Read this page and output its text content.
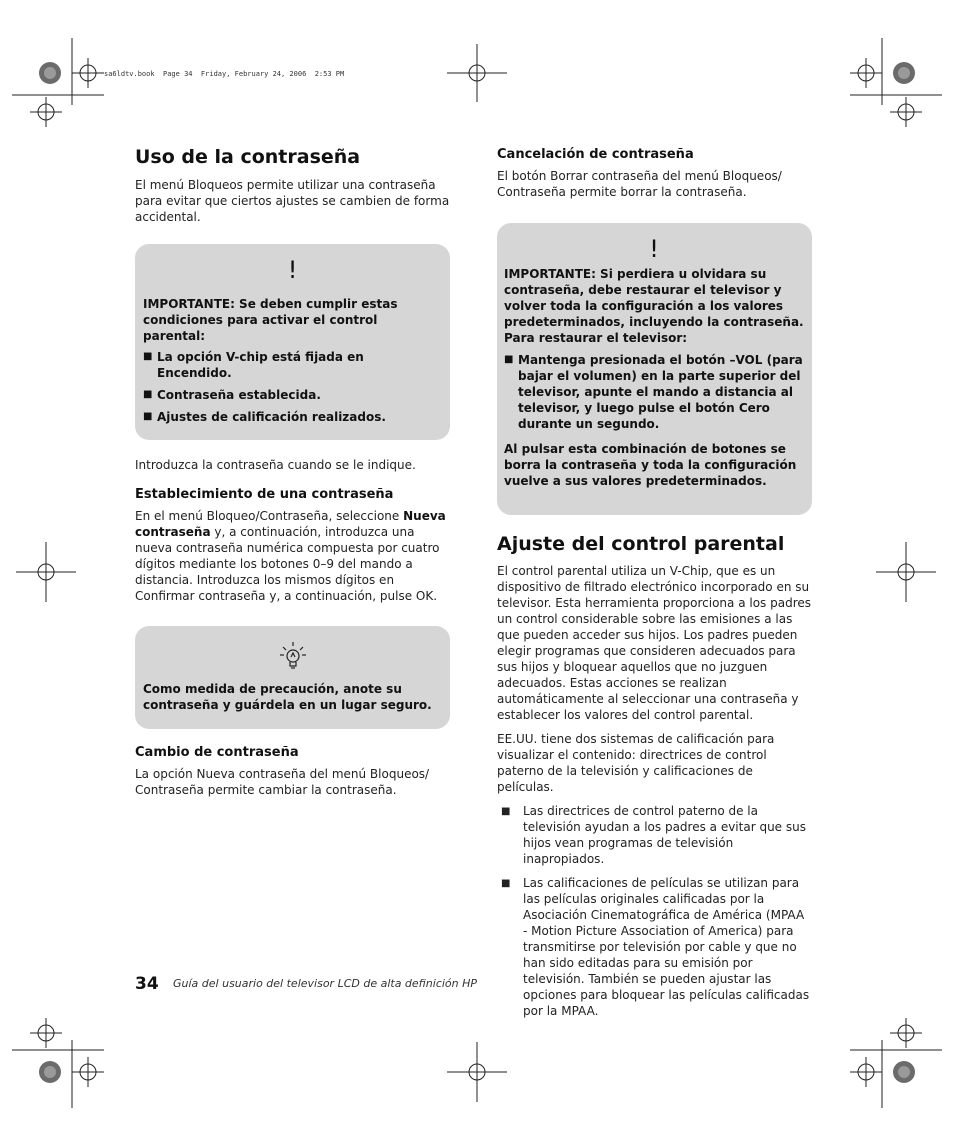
sa6ldtv.book  Page 34  Friday, February 24, 2006  2:53 PM
Uso de la contraseña

El menú Bloqueos permite utilizar una contraseña para evitar que ciertos ajustes se cambien de forma accidental.

!
IMPORTANTE: Se deben cumplir estas condiciones para activar el control parental:
■ La opción V-chip está fijada en Encendido.
■ Contraseña establecida.
■ Ajustes de calificación realizados.

Introduzca la contraseña cuando se le indique.

Establecimiento de una contraseña

En el menú Bloqueo/Contraseña, seleccione Nueva contraseña y, a continuación, introduzca una nueva contraseña numérica compuesta por cuatro dígitos mediante los botones 0–9 del mando a distancia. Introduzca los mismos dígitos en Confirmar contraseña y, a continuación, pulse OK.

Como medida de precaución, anote su contraseña y guárdela en un lugar seguro.
Cambio de contraseña

La opción Nueva contraseña del menú Bloqueos/ Contraseña permite cambiar la contraseña.

Cancelación de contraseña

El botón Borrar contraseña del menú Bloqueos/ Contraseña permite borrar la contraseña.

!
IMPORTANTE: Si perdiera u olvidara su contraseña, debe restaurar el televisor y volver toda la configuración a los valores predeterminados, incluyendo la contraseña. Para restaurar el televisor:
■ Mantenga presionada el botón –VOL (para bajar el volumen) en la parte superior del televisor, apunte el mando a distancia al televisor, y luego pulse el botón Cero durante un segundo.
Al pulsar esta combinación de botones se borra la contraseña y toda la configuración vuelve a sus valores predeterminados.
Ajuste del control parental

El control parental utiliza un V-Chip, que es un dispositivo de filtrado electrónico incorporado en su televisor. Esta herramienta proporciona a los padres un control considerable sobre las emisiones a las que pueden acceder sus hijos. Los padres pueden elegir programas que consideren adecuados para sus hijos y bloquear aquellos que no juzguen adecuados. Estas acciones se realizan automáticamente al seleccionar una contraseña y establecer los valores del control parental.

EE.UU. tiene dos sistemas de calificación para visualizar el contenido: directrices de control paterno de la televisión y calificaciones de películas.

■ Las directrices de control paterno de la televisión ayudan a los padres a evitar que sus hijos vean programas de televisión inapropiados.
■ Las calificaciones de películas se utilizan para las películas originales calificadas por la Asociación Cinematográfica de América (MPAA - Motion Picture Association of America) para transmitirse por televisión por cable y que no han sido editadas para su emisión por televisión. También se pueden ajustar las opciones para bloquear las películas calificadas por la MPAA.
34 Guía del usuario del televisor LCD de alta definición HP
